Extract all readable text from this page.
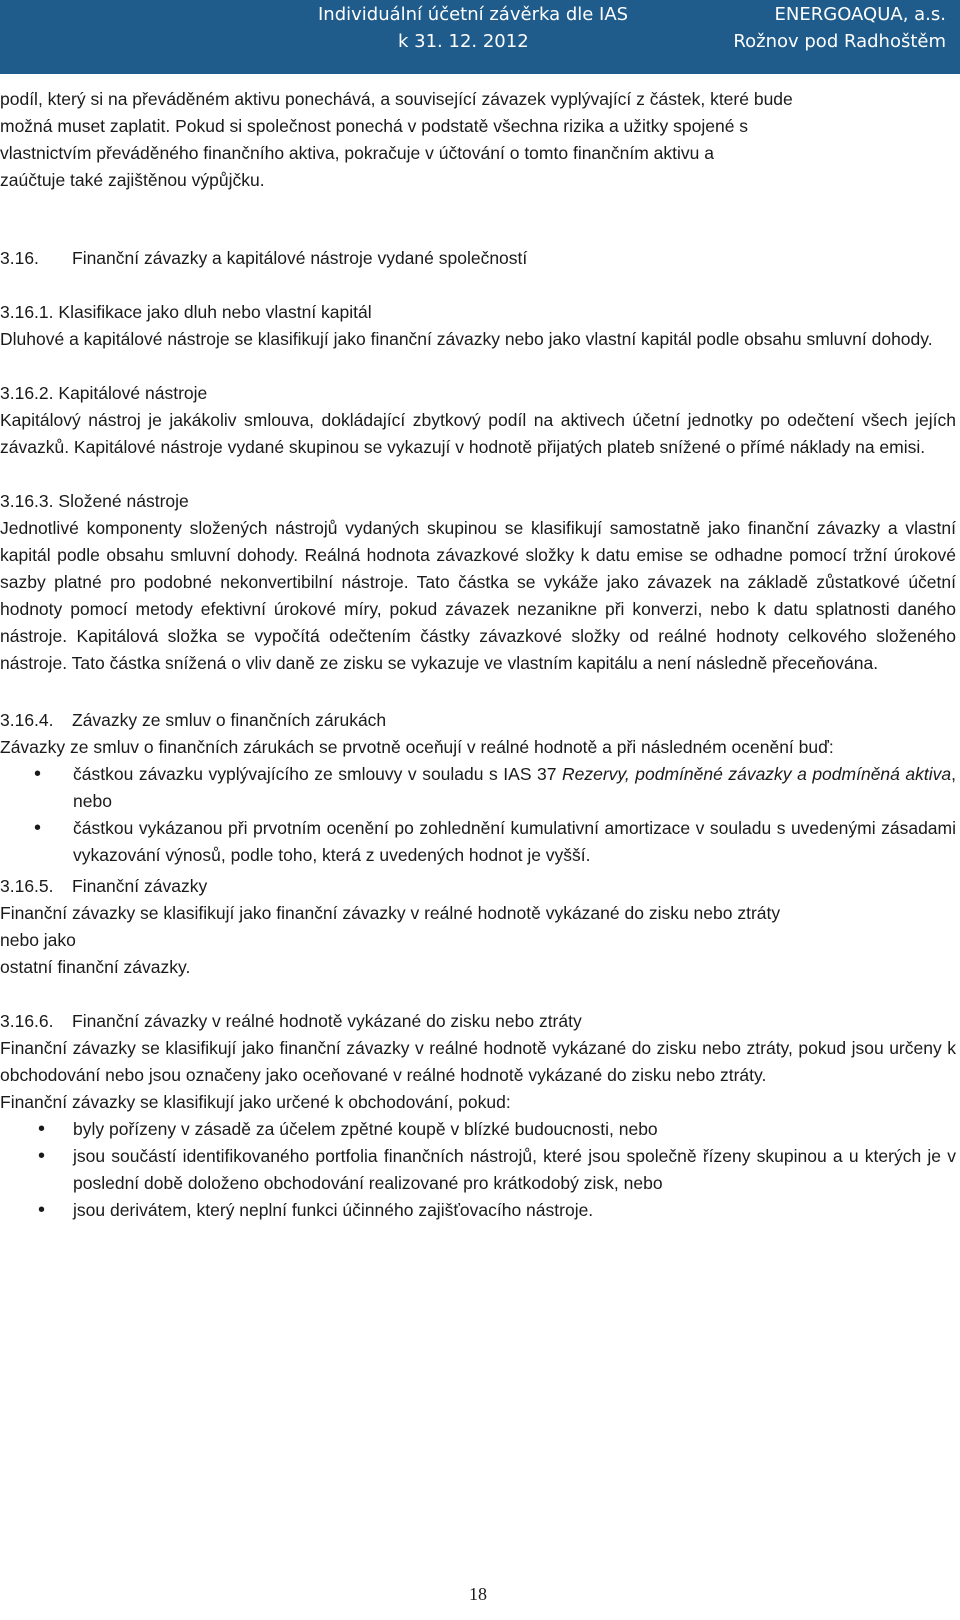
Individuální účetní závěrka dle IAS
k 31. 12. 2012
ENERGOAQUA, a.s.
Rožnov pod Radhoštěm

podíl, který si na převáděném aktivu ponechává, a související závazek vyplývající z částek, které bude

možná muset zaplatit. Pokud si společnost ponechá v podstatě všechna rizika a užitky spojené s

vlastnictvím převáděného finančního aktiva, pokračuje v účtování o tomto finančním aktivu a

zaúčtuje také zajištěnou výpůjčku.

3.16. Finanční závazky a kapitálové nástroje vydané společností

3.16.1. Klasifikace jako dluh nebo vlastní kapitál

Dluhové a kapitálové nástroje se klasifikují jako finanční závazky nebo jako vlastní kapitál podle obsahu smluvní dohody.

3.16.2. Kapitálové nástroje

Kapitálový nástroj je jakákoliv smlouva, dokládající zbytkový podíl na aktivech účetní jednotky po odečtení všech jejích závazků. Kapitálové nástroje vydané skupinou se vykazují v hodnotě přijatých plateb snížené o přímé náklady na emisi.

3.16.3. Složené nástroje

Jednotlivé komponenty složených nástrojů vydaných skupinou se klasifikují samostatně jako finanční závazky a vlastní kapitál podle obsahu smluvní dohody. Reálná hodnota závazkové složky k datu emise se odhadne pomocí tržní úrokové sazby platné pro podobné nekonvertibilní nástroje. Tato částka se vykáže jako závazek na základě zůstatkové účetní hodnoty pomocí metody efektivní úrokové míry, pokud závazek nezanikne při konverzi, nebo k datu splatnosti daného nástroje. Kapitálová složka se vypočítá odečtením částky závazkové složky od reálné hodnoty celkového složeného nástroje. Tato částka snížená o vliv daně ze zisku se vykazuje ve vlastním kapitálu a není následně přeceňována.

3.16.4. Závazky ze smluv o finančních zárukách

Závazky ze smluv o finančních zárukách se prvotně oceňují v reálné hodnotě a při následném ocenění buď:

• částkou závazku vyplývajícího ze smlouvy v souladu s IAS 37 Rezervy, podmíněné závazky a podmíněná aktiva, nebo
• částkou vykázanou při prvotním ocenění po zohlednění kumulativní amortizace v souladu s uvedenými zásadami vykazování výnosů, podle toho, která z uvedených hodnot je vyšší.

3.16.5. Finanční závazky

Finanční závazky se klasifikují jako finanční závazky v reálné hodnotě vykázané do zisku nebo ztráty

nebo jako

ostatní finanční závazky.

3.16.6. Finanční závazky v reálné hodnotě vykázané do zisku nebo ztráty

Finanční závazky se klasifikují jako finanční závazky v reálné hodnotě vykázané do zisku nebo ztráty, pokud jsou určeny k obchodování nebo jsou označeny jako oceňované v reálné hodnotě vykázané do zisku nebo ztráty.

Finanční závazky se klasifikují jako určené k obchodování, pokud:

• byly pořízeny v zásadě za účelem zpětné koupě v blízké budoucnosti, nebo
• jsou součástí identifikovaného portfolia finančních nástrojů, které jsou společně řízeny skupinou a u kterých je v poslední době doloženo obchodování realizované pro krátkodobý zisk, nebo
• jsou derivátem, který neplní funkci účinného zajišťovacího nástroje.
18
